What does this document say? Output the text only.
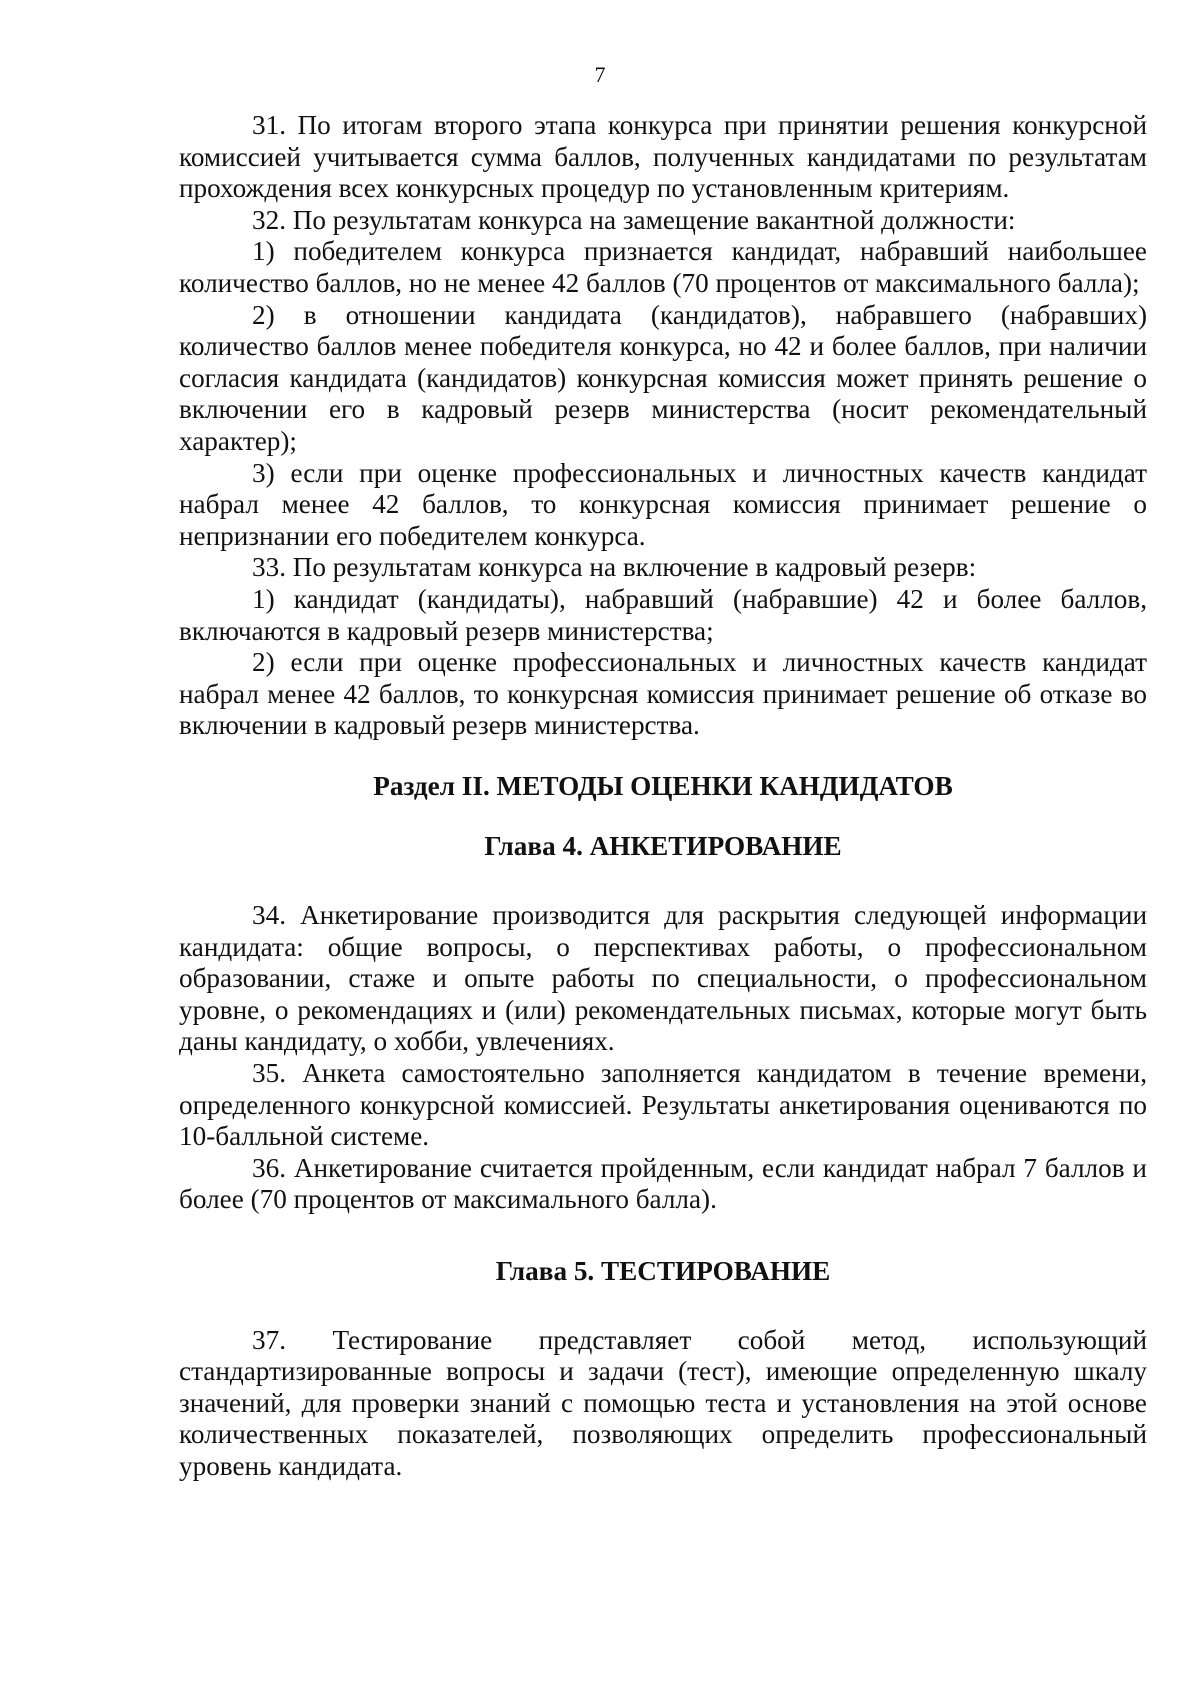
7

31. По итогам второго этапа конкурса при принятии решения конкурсной комиссией учитывается сумма баллов, полученных кандидатами по результатам прохождения всех конкурсных процедур по установленным критериям.

32. По результатам конкурса на замещение вакантной должности:

1) победителем конкурса признается кандидат, набравший наибольшее количество баллов, но не менее 42 баллов (70 процентов от максимального балла);

2) в отношении кандидата (кандидатов), набравшего (набравших) количество баллов менее победителя конкурса, но 42 и более баллов, при наличии согласия кандидата (кандидатов) конкурсная комиссия может принять решение о включении его в кадровый резерв министерства (носит рекомендательный характер);

3) если при оценке профессиональных и личностных качеств кандидат набрал менее 42 баллов, то конкурсная комиссия принимает решение о непризнании его победителем конкурса.

33. По результатам конкурса на включение в кадровый резерв:

1) кандидат (кандидаты), набравший (набравшие) 42 и более баллов, включаются в кадровый резерв министерства;

2) если при оценке профессиональных и личностных качеств кандидат набрал менее 42 баллов, то конкурсная комиссия принимает решение об отказе во включении в кадровый резерв министерства.

Раздел II. МЕТОДЫ ОЦЕНКИ КАНДИДАТОВ
Глава 4. АНКЕТИРОВАНИЕ

34. Анкетирование производится для раскрытия следующей информации кандидата: общие вопросы, о перспективах работы, о профессиональном образовании, стаже и опыте работы по специальности, о профессиональном уровне, о рекомендациях и (или) рекомендательных письмах, которые могут быть даны кандидату, о хобби, увлечениях.

35. Анкета самостоятельно заполняется кандидатом в течение времени, определенного конкурсной комиссией. Результаты анкетирования оцениваются по 10-балльной системе.

36. Анкетирование считается пройденным, если кандидат набрал 7 баллов и более (70 процентов от максимального балла).

Глава 5. ТЕСТИРОВАНИЕ

37. Тестирование представляет собой метод, использующий стандартизированные вопросы и задачи (тест), имеющие определенную шкалу значений, для проверки знаний с помощью теста и установления на этой основе количественных показателей, позволяющих определить профессиональный уровень кандидата.
